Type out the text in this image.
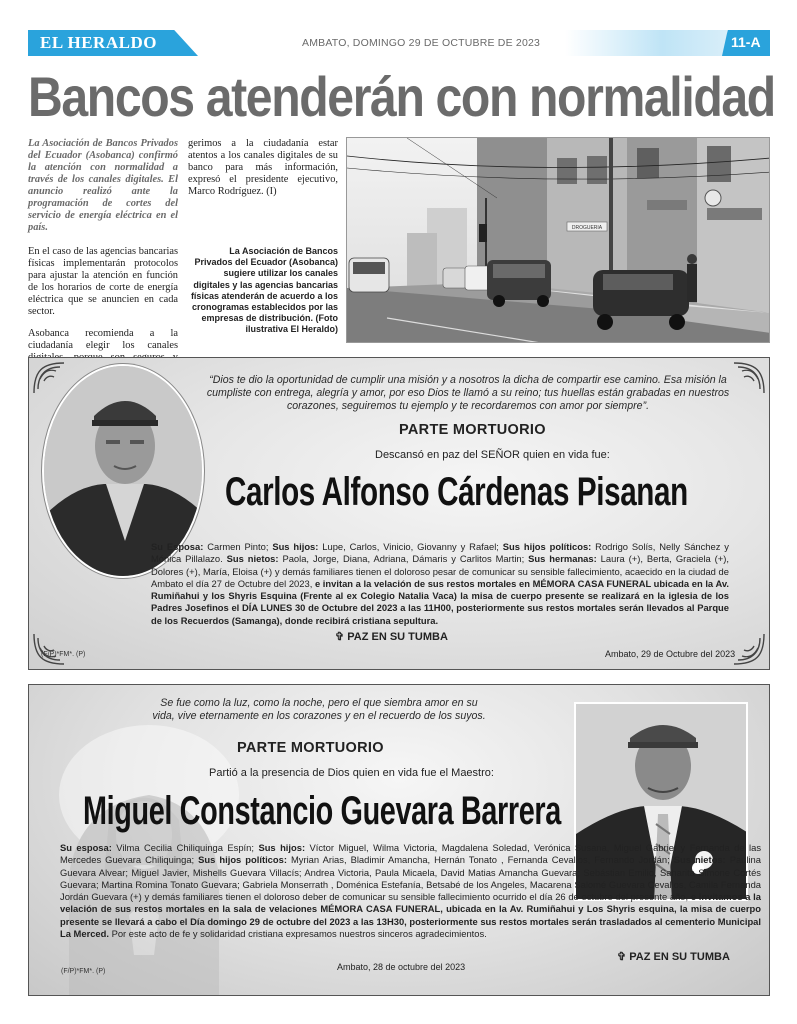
EL HERALDO	AMBATO, DOMINGO 29 DE OCTUBRE DE 2023	11-A
Bancos atenderán con normalidad

La Asociación de Bancos Privados del Ecuador (Asobanca) confirmó la atención con normalidad a través de los canales digitales. El anuncio realizó ante la programación de cortes del servicio de energía eléctrica en el país.

En el caso de las agencias bancarias físicas implementarán protocolos para ajustar la atención en función de los horarios de corte de energía eléctrica que se anuncien en cada sector.

Asobanca recomienda a la ciudadanía elegir los canales

gerimos a la ciudadanía estar atentos a los canales digitales de su banco para más información, expresó el presidente ejecutivo, Marco Rodríguez. (I)

La Asociación de Bancos Privados del Ecuador (Asobanca) sugiere utilizar los canales digitales y las agencias bancarias físicas atenderán de acuerdo a los cronogramas establecidos por las empresas de distribución. (Foto ilustrativa El Heraldo)
DROGUERIA
“Dios te dio la oportunidad de cumplir una misión y a nosotros la dicha de compartir ese camino. Esa misión la cumpliste con entrega, alegría y amor, por eso Dios te llamó a su reino; tus huellas están grabadas en nuestros corazones, seguiremos tu ejemplo y te recordaremos con amor por siempre”.
PARTE MORTUORIO
Descansó en paz del SEÑOR quien en vida fue:
Carlos Alfonso Cárdenas Pisanan
Su Esposa: Carmen Pinto; Sus hijos: Lupe, Carlos, Vinicio, Giovanny y Rafael; Sus hijos políticos: Rodrigo Solís, Nelly Sánchez y Mónica Pillalazo. Sus nietos: Paola, Jorge, Diana, Adriana, Dámaris y Carlitos Martin; Sus hermanas: Laura (+), Berta, Graciela (+), Dolores (+), María, Eloisa (+) y demás familiares tienen el doloroso pesar de comunicar su sensible fallecimiento, acaecido en la ciudad de Ambato el día 27 de Octubre del 2023, e invitan a la velación de sus restos mortales en MÉMORA CASA FUNERAL ubicada en la Av. Rumiñahui y los Shyris Esquina (Frente al ex Colegio Natalia Vaca) la misa de cuerpo presente se realizará en la iglesia de los Padres Josefinos el DÍA LUNES 30 de Octubre del 2023 a las 11H00, posteriormente sus restos mortales serán llevados al Parque de los Recuerdos (Samanga), donde recibirá cristiana sepultura.
✞ PAZ EN SU TUMBA
Ambato, 29 de Octubre del 2023
(F/P)*FM*. (P)
Se fue como la luz, como la noche, pero el que siembra amor en su vida, vive eternamente en los corazones y en el recuerdo de los suyos.
PARTE MORTUORIO
Partió a la presencia de Dios quien en vida fue el Maestro:
Miguel Constancio Guevara Barrera
Su esposa: Vilma Cecilia Chiliquinga Espín; Sus hijos: Víctor Miguel, Wilma Victoria, Magdalena Soledad, Verónica Susana, Miguel Gabriel y Fernanda de las Mercedes Guevara Chiliquinga; Sus hijos políticos: Myrian Arias, Bladimir Amancha, Hernán Tonato , Fernanda Cevallos, Fernando Jordán; Sus nietos: Paulina Guevara Alvear; Miguel Javier, Mishells Guevara Villacís; Andrea Victoria, Paula Micaela, David Matias Amancha Guevara; Sebástian Emilio, Saharita Simone Cortés Guevara; Martina Romina Tonato Guevara; Gabriela Monserrath , Doménica Estefanía, Betsabé de los Angeles, Macarena Salomé Guevara Cevallos, Camila Fernanda Jordán Guevara (+) y demás familiares tienen el doloroso deber de comunicar su sensible fallecimiento ocurrido el día 26 de octubre del presente año, e invitamos a la velación de sus restos mortales en la sala de velaciones MÉMORA CASA FUNERAL, ubicada en la Av. Rumiñahui y Los Shyris esquina, la misa de cuerpo presente se llevará a cabo el Día domingo 29 de octubre del 2023 a las 13H30, posteriormente sus restos mortales serán trasladados al cementerio Municipal La Merced. Por este acto de fe y solidaridad cristiana expresamos nuestros sinceros agradecimientos.
Ambato, 28 de octubre del 2023
✞ PAZ EN SU TUMBA
(F/P)*FM*. (P)
